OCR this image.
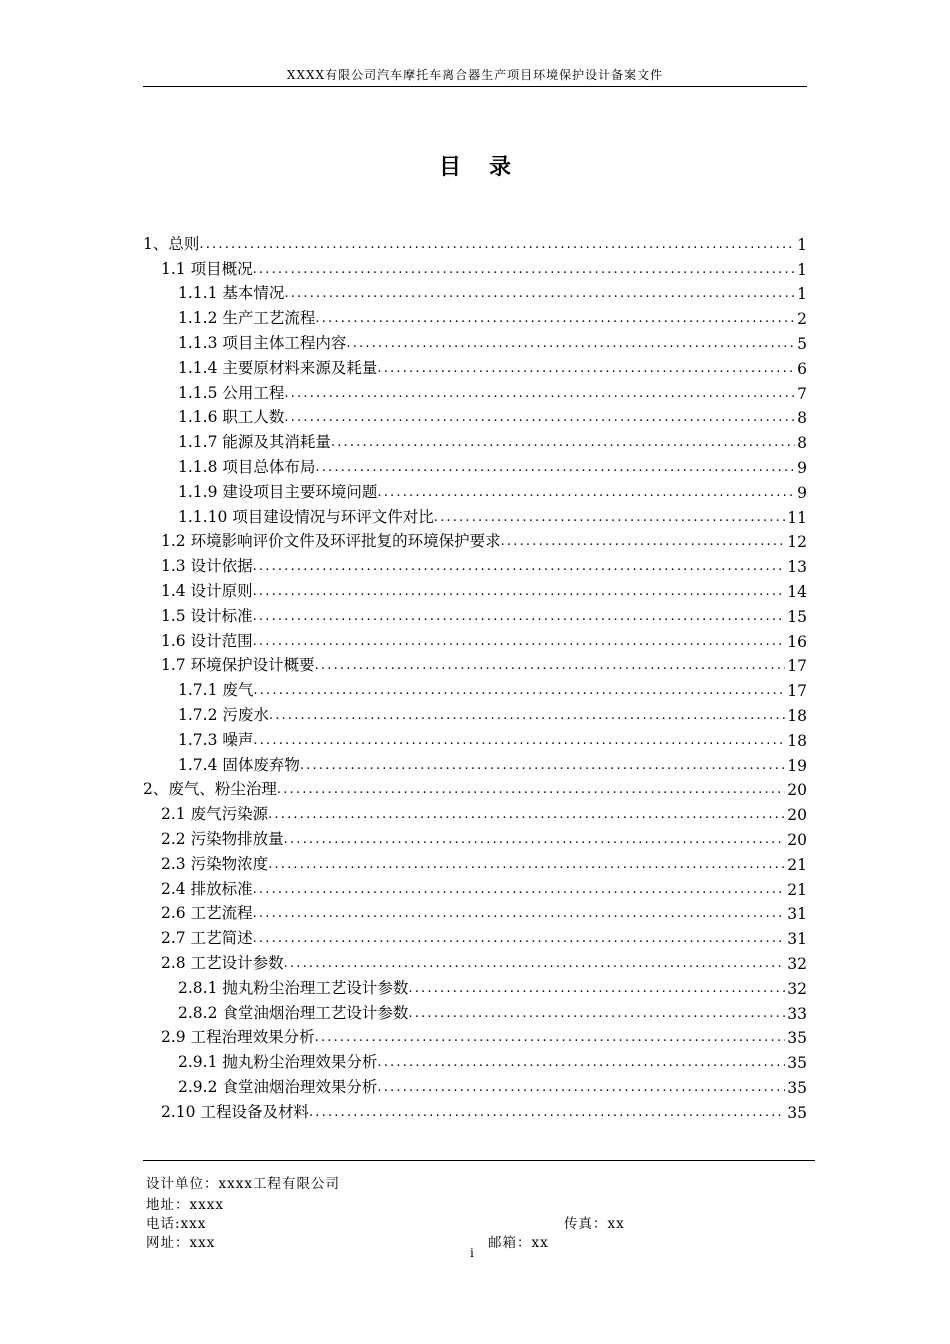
XXXX有限公司汽车摩托车离合器生产项目环境保护设计备案文件
目 录
1、总则 .....	1
1.1 项目概况 .....	1
1.1.1 基本情况 .....	1
1.1.2 生产工艺流程 .....	2
1.1.3 项目主体工程内容 .....	5
1.1.4 主要原材料来源及耗量 .....	6
1.1.5 公用工程 .....	7
1.1.6 职工人数 .....	8
1.1.7 能源及其消耗量 .....	8
1.1.8 项目总体布局 .....	9
1.1.9 建设项目主要环境问题 .....	9
1.1.10 项目建设情况与环评文件对比 .....	11
1.2 环境影响评价文件及环评批复的环境保护要求 .....	12
1.3 设计依据 .....	13
1.4 设计原则 .....	14
1.5 设计标准 .....	15
1.6 设计范围 .....	16
1.7 环境保护设计概要 .....	17
1.7.1 废气 .....	17
1.7.2 污废水 .....	18
1.7.3 噪声 .....	18
1.7.4 固体废弃物 .....	19
2、废气、粉尘治理 .....	20
2.1 废气污染源 .....	20
2.2 污染物排放量 .....	20
2.3 污染物浓度 .....	21
2.4 排放标准 .....	21
2.6 工艺流程 .....	31
2.7 工艺简述 .....	31
2.8 工艺设计参数 .....	32
2.8.1 抛丸粉尘治理工艺设计参数 .....	32
2.8.2 食堂油烟治理工艺设计参数 .....	33
2.9 工程治理效果分析 .....	35
2.9.1 抛丸粉尘治理效果分析 .....	35
2.9.2 食堂油烟治理效果分析 .....	35
2.10 工程设备及材料 .....	35
设计单位：xxxx工程有限公司
地址：xxxx
电话:xxx	传真：xx
网址：xxx	邮箱：xx
i
